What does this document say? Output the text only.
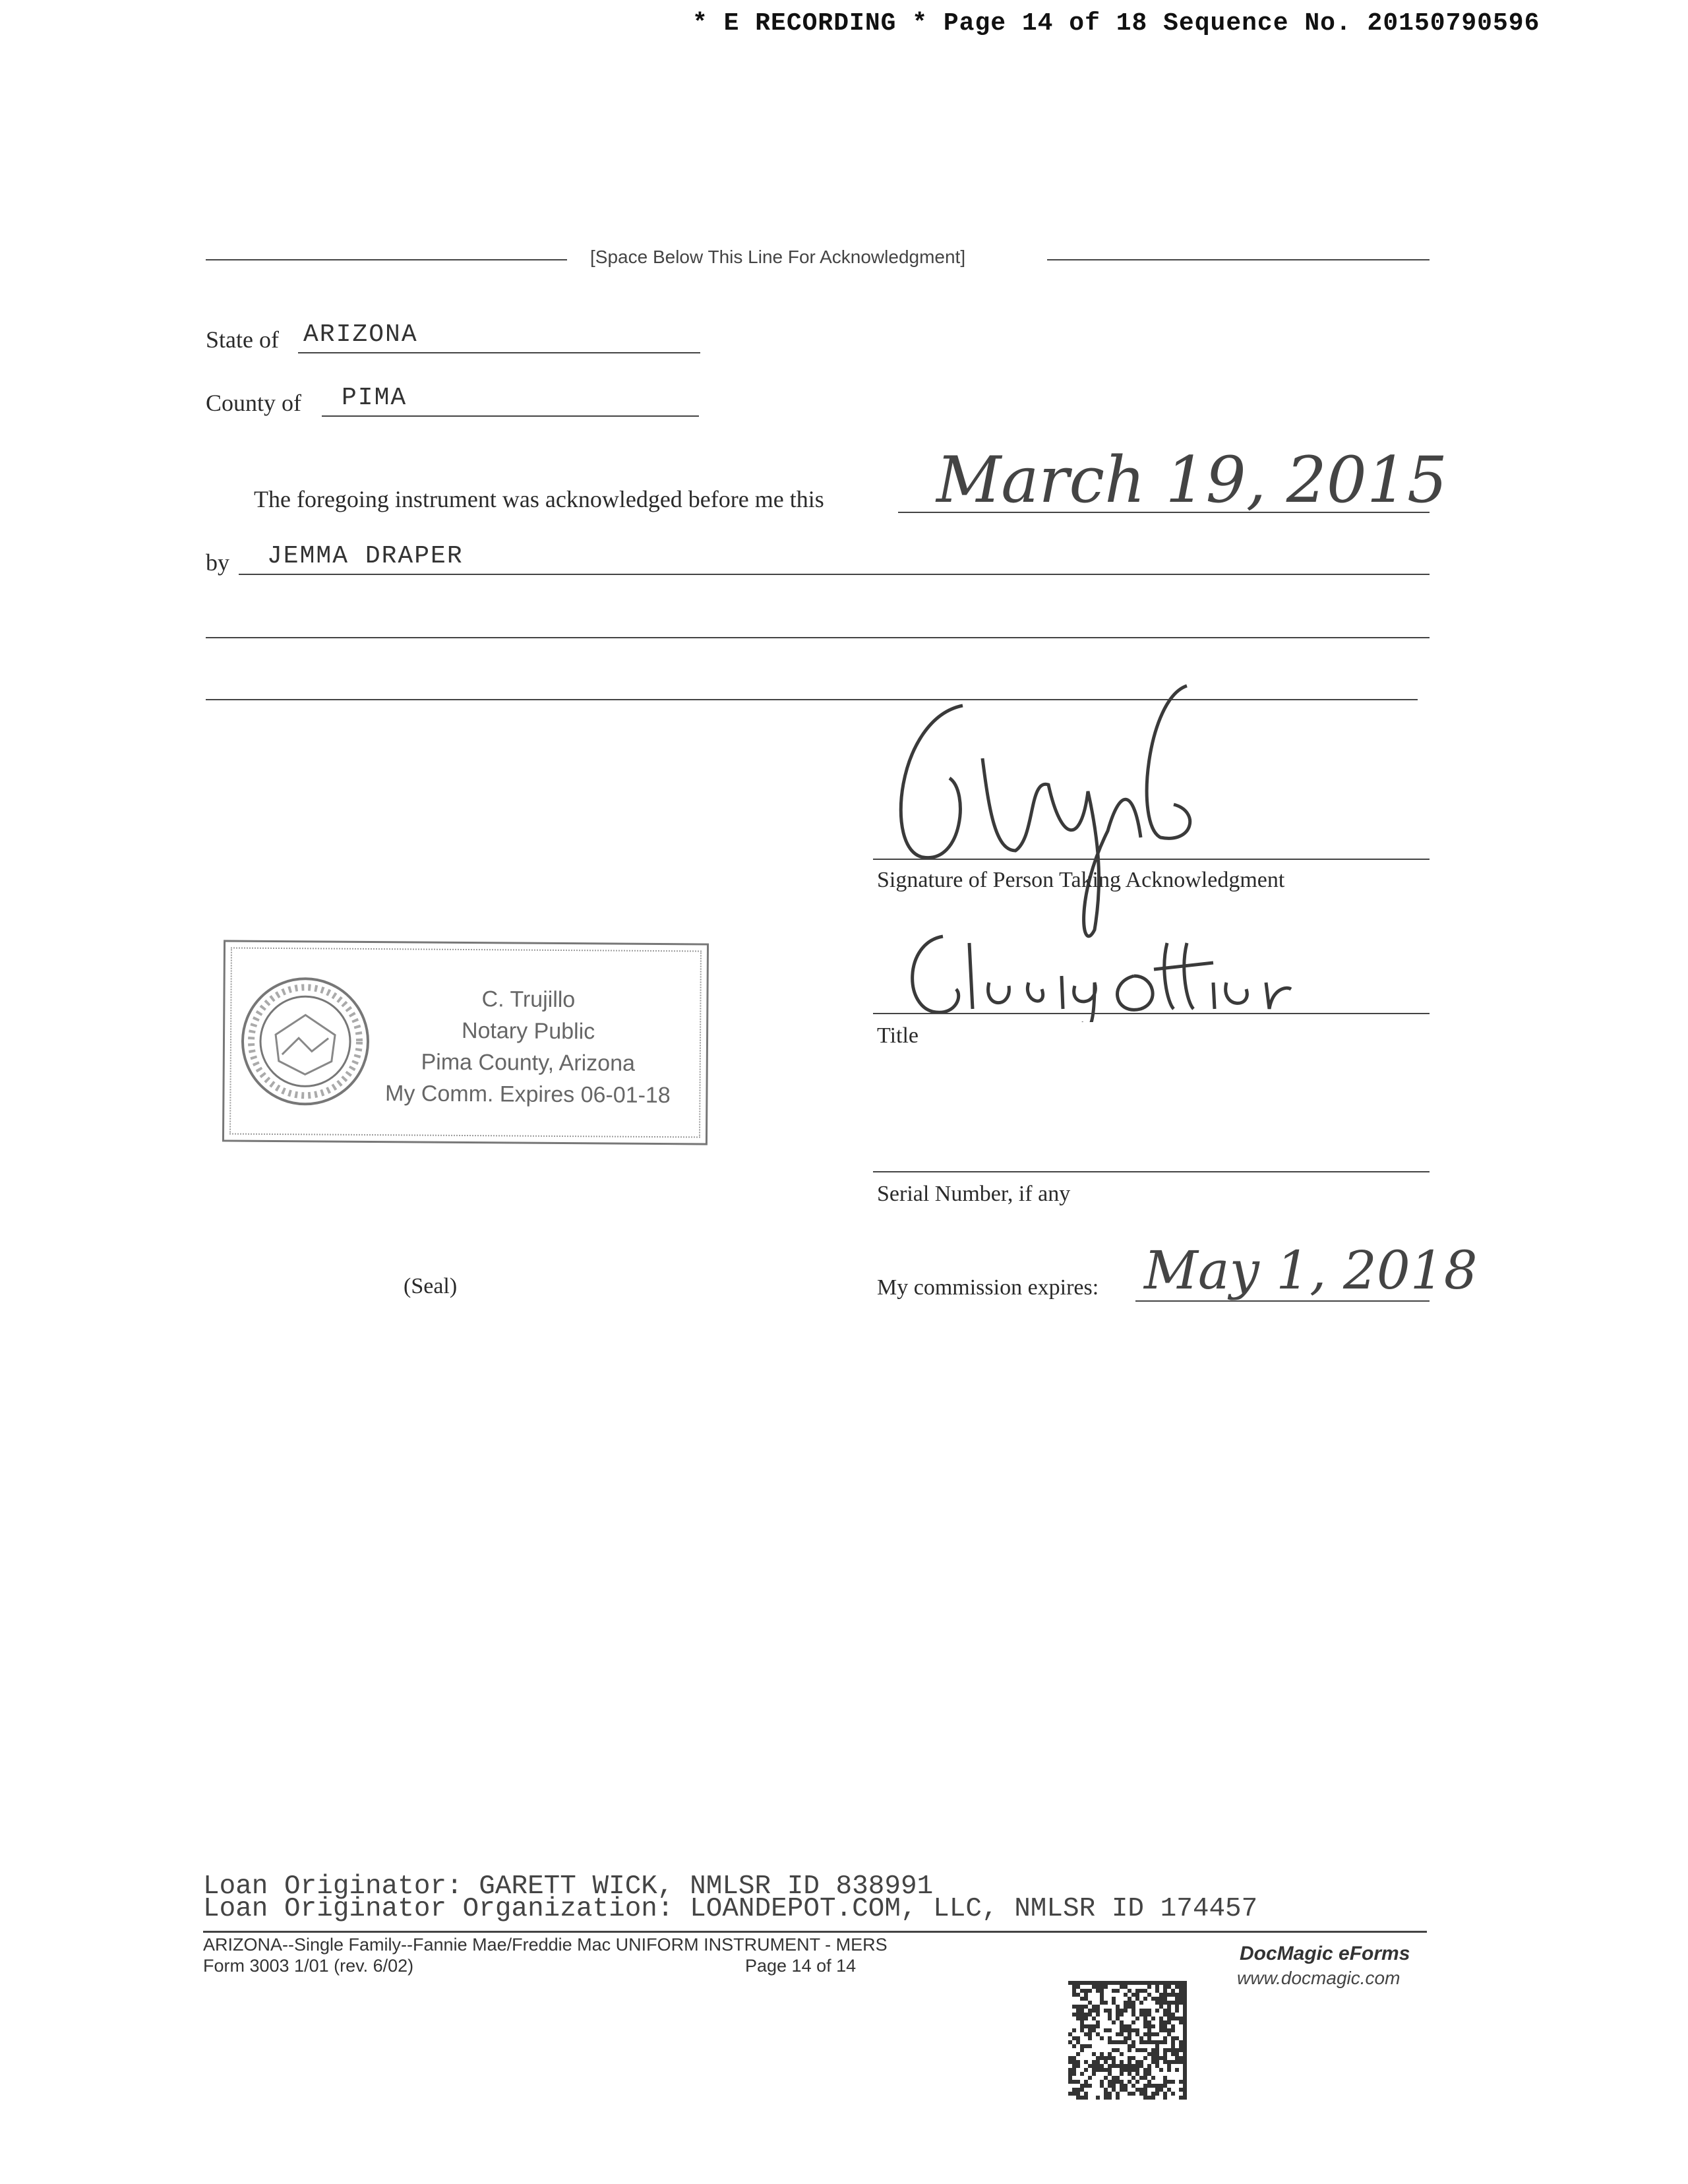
* E RECORDING * Page 14 of 18 Sequence No. 20150790596
[Space Below This Line For Acknowledgment]
State of ARIZONA
County of PIMA
The foregoing instrument was acknowledged before me this March 19, 2015
by JEMMA DRAPER
Signature of Person Taking Acknowledgment
Title
Serial Number, if any
(Seal)	My commission expires: May 1, 2018
C. Trujillo
Notary Public
Pima County, Arizona
My Comm. Expires 06-01-18
Loan Originator: GARETT WICK, NMLSR ID 838991
Loan Originator Organization: LOANDEPOT.COM, LLC, NMLSR ID 174457
ARIZONA--Single Family--Fannie Mae/Freddie Mac UNIFORM INSTRUMENT - MERS
Form 3003 1/01 (rev. 6/02)	Page 14 of 14
DocMagic eForms
www.docmagic.com
